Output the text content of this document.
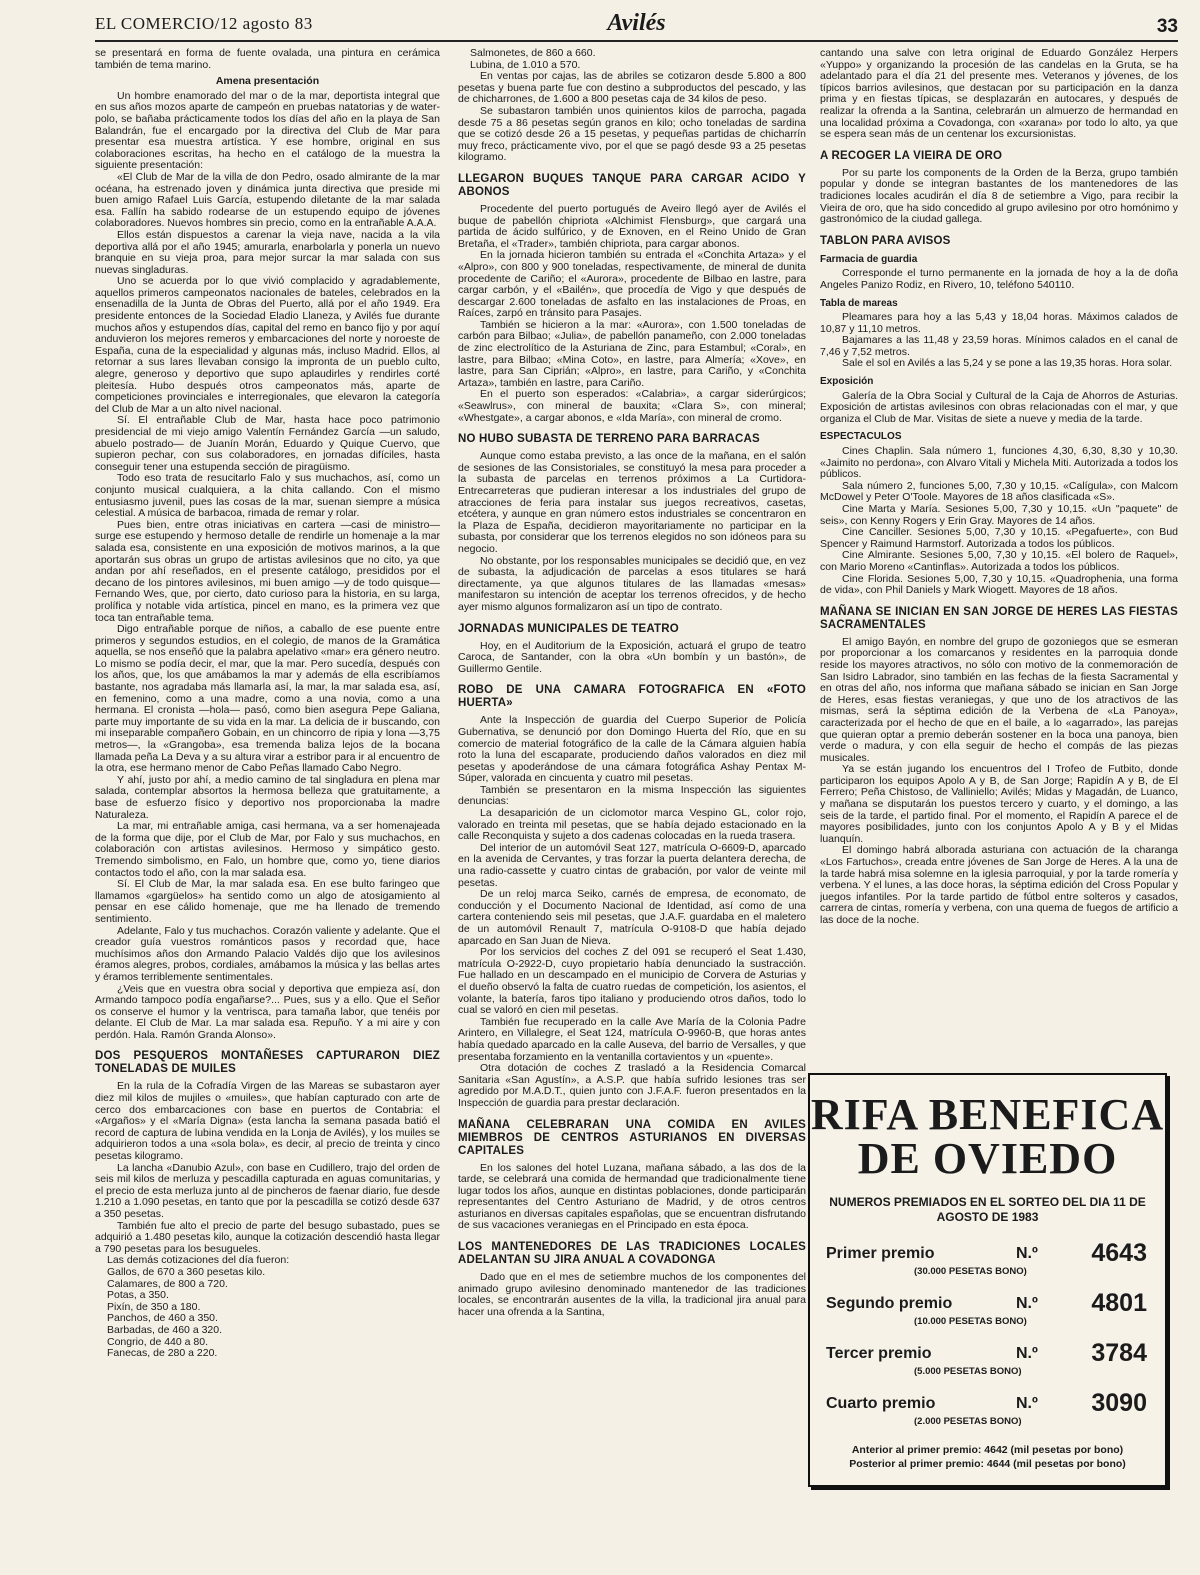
EL COMERCIO/12 agosto 83	Avilés	33

se presentará en forma de fuente ovalada, una pintura en cerámica también de tema marino.

Amena presentación

Un hombre enamorado del mar o de la mar, deportista integral que en sus años mozos aparte de campeón en pruebas natatorias y de water-polo, se bañaba prácticamente todos los días del año en la playa de San Balandrán, fue el encargado por la directiva del Club de Mar para presentar esa muestra artística. Y ese hombre, original en sus colaboraciones escritas, ha hecho en el catálogo de la muestra la siguiente presentación:

«El Club de Mar de la villa de don Pedro, osado almirante de la mar océana, ha estrenado joven y dinámica junta directiva que preside mi buen amigo Rafael Luis García, estupendo diletante de la mar salada esa. Fallín ha sabido rodearse de un estupendo equipo de jóvenes colaboradores. Nuevos hombres sin precio, como en la entrañable A.A.A.

Ellos están dispuestos a carenar la vieja nave, nacida a la vila deportiva allá por el año 1945; amurarla, enarbolarla y ponerla un nuevo branquie en su vieja proa, para mejor surcar la mar salada con sus nuevas singladuras.

Uno se acuerda por lo que vivió complacido y agradablemente, aquellos primeros campeonatos nacionales de bateles, celebrados en la ensenadilla de la Junta de Obras del Puerto, allá por el año 1949. Era presidente entonces de la Sociedad Eladio Llaneza, y Avilés fue durante muchos años y estupendos días, capital del remo en banco fijo y por aquí anduvieron los mejores remeros y embarcaciones del norte y noroeste de España, cuna de la especialidad y algunas más, incluso Madrid. Ellos, al retornar a sus lares llevaban consigo la impronta de un pueblo culto, alegre, generoso y deportivo que supo aplaudirles y rendirles corté pleitesía. Hubo después otros campeonatos más, aparte de competiciones provinciales e interregionales, que elevaron la categoría del Club de Mar a un alto nivel nacional.

Sí. El entrañable Club de Mar, hasta hace poco patrimonio presidencial de mi viejo amigo Valentín Fernández García —un saludo, abuelo postrado— de Juanín Morán, Eduardo y Quique Cuervo, que supieron pechar, con sus colaboradores, en jornadas difíciles, hasta conseguir tener una estupenda sección de piragüismo.

Todo eso trata de resucitarlo Falo y sus muchachos, así, como un conjunto musical cualquiera, a la chita callando. Con el mismo entusiasmo juvenil, pues las cosas de la mar, suenan siempre a música celestial. A música de barbacoa, rimada de remar y rolar.

Pues bien, entre otras iniciativas en cartera —casi de ministro— surge ese estupendo y hermoso detalle de rendirle un homenaje a la mar salada esa, consistente en una exposición de motivos marinos, a la que aportarán sus obras un grupo de artistas avilesinos que no cito, ya que andan por ahí reseñados, en el presente catálogo, presididos por el decano de los pintores avilesinos, mi buen amigo —y de todo quisque— Fernando Wes, que, por cierto, dato curioso para la historia, en su larga, prolífica y notable vida artística, pincel en mano, es la primera vez que toca tan entrañable tema.

Digo entrañable porque de niños, a caballo de ese puente entre primeros y segundos estudios, en el colegio, de manos de la Gramática aquella, se nos enseñó que la palabra apelativo «mar» era género neutro. Lo mismo se podía decir, el mar, que la mar. Pero sucedía, después con los años, que, los que amábamos la mar y además de ella escribíamos bastante, nos agradaba más llamarla así, la mar, la mar salada esa, así, en femenino, como a una madre, como a una novia, como a una hermana. El cronista —hola— pasó, como bien asegura Pepe Galiana, parte muy importante de su vida en la mar. La delicia de ir buscando, con mi inseparable compañero Gobain, en un chincorro de ripia y lona —3,75 metros—, la «Grangoba», esa tremenda baliza lejos de la bocana llamada peña La Deva y a su altura virar a estribor para ir al encuentro de la otra, ese hermano menor de Cabo Peñas llamado Cabo Negro.

Y ahí, justo por ahí, a medio camino de tal singladura en plena mar salada, contemplar absortos la hermosa belleza que gratuitamente, a base de esfuerzo físico y deportivo nos proporcionaba la madre Naturaleza.

La mar, mi entrañable amiga, casi hermana, va a ser homenajeada de la forma que dije, por el Club de Mar, por Falo y sus muchachos, en colaboración con artistas avilesinos. Hermoso y simpático gesto. Tremendo simbolismo, en Falo, un hombre que, como yo, tiene diarios contactos todo el año, con la mar salada esa.

Sí. El Club de Mar, la mar salada esa. En ese bulto faringeo que llamamos «gargüelos» ha sentido como un algo de atosigamiento al pensar en ese cálido homenaje, que me ha llenado de tremendo sentimiento.

Adelante, Falo y tus muchachos. Corazón valiente y adelante. Que el creador guía vuestros románticos pasos y recordad que, hace muchísimos años don Armando Palacio Valdés dijo que los avilesinos éramos alegres, probos, cordiales, amábamos la música y las bellas artes y éramos terriblemente sentimentales.

¿Veis que en vuestra obra social y deportiva que empieza así, don Armando tampoco podía engañarse?... Pues, sus y a ello. Que el Señor os conserve el humor y la ventrisca, para tamaña labor, que tenéis por delante. El Club de Mar. La mar salada esa. Repuño. Y a mi aire y con perdón. Hala. Ramón Granda Alonso».

DOS PESQUEROS MONTAÑESES CAPTURARON DIEZ TONELADAS DE MUILES

En la rula de la Cofradía Virgen de las Mareas se subastaron ayer diez mil kilos de mujiles o «muiles», que habían capturado con arte de cerco dos embarcaciones con base en puertos de Contabria: el «Argaños» y el «María Digna» (esta lancha la semana pasada batió el record de captura de lubina vendida en la Lonja de Avilés), y los muiles se adquirieron todos a una «sola bola», es decir, al precio de treinta y cinco pesetas kilogramo.

La lancha «Danubio Azul», con base en Cudillero, trajo del orden de seis mil kilos de merluza y pescadilla capturada en aguas comunitarias, y el precio de esta merluza junto al de pincheros de faenar diario, fue desde 1.210 a 1.090 pesetas, en tanto que por la pescadilla se cotizó desde 637 a 350 pesetas.

También fue alto el precio de parte del besugo subastado, pues se adquirió a 1.480 pesetas kilo, aunque la cotización descendió hasta llegar a 790 pesetas para los besugueles.

Las demás cotizaciones del día fueron:

Gallos, de 670 a 360 pesetas kilo.

Calamares, de 800 a 720.

Potas, a 350.

Pixín, de 350 a 180.

Panchos, de 460 a 350.

Barbadas, de 460 a 320.

Congrio, de 440 a 80.

Fanecas, de 280 a 220.

Salmonetes, de 860 a 660.

Lubina, de 1.010 a 570.

En ventas por cajas, las de abriles se cotizaron desde 5.800 a 800 pesetas y buena parte fue con destino a subproductos del pescado, y las de chicharrones, de 1.600 a 800 pesetas caja de 34 kilos de peso.

Se subastaron también unos quinientos kilos de parrocha, pagada desde 75 a 86 pesetas según granos en kilo; ocho toneladas de sardina que se cotizó desde 26 a 15 pesetas, y pequeñas partidas de chicharrín muy freco, prácticamente vivo, por el que se pagó desde 93 a 25 pesetas kilogramo.

LLEGARON BUQUES TANQUE PARA CARGAR ACIDO Y ABONOS

Procedente del puerto portugués de Aveiro llegó ayer de Avilés el buque de pabellón chipriota «Alchimist Flensburg», que cargará una partida de ácido sulfúrico, y de Exnoven, en el Reino Unido de Gran Bretaña, el «Trader», también chipriota, para cargar abonos.

En la jornada hicieron también su entrada el «Conchita Artaza» y el «Alpro», con 800 y 900 toneladas, respectivamente, de mineral de dunita procedente de Cariño; el «Aurora», procedente de Bilbao en lastre, para cargar carbón, y el «Bailén», que procedía de Vigo y que después de descargar 2.600 toneladas de asfalto en las instalaciones de Proas, en Raíces, zarpó en tránsito para Pasajes.

También se hicieron a la mar: «Aurora», con 1.500 toneladas de carbón para Bilbao; «Julia», de pabellón panameño, con 2.000 toneladas de zinc electrolítico de la Asturiana de Zinc, para Estambul; «Coral», en lastre, para Bilbao; «Mina Coto», en lastre, para Almería; «Xove», en lastre, para San Ciprián; «Alpro», en lastre, para Cariño, y «Conchita Artaza», también en lastre, para Cariño.

En el puerto son esperados: «Calabria», a cargar siderúrgicos; «Seawlrus», con mineral de bauxita; «Clara S», con mineral; «Whestgate», a cargar abonos, e «Ida María», con mineral de cromo.

NO HUBO SUBASTA DE TERRENO PARA BARRACAS

Aunque como estaba previsto, a las once de la mañana, en el salón de sesiones de las Consistoriales, se constituyó la mesa para proceder a la subasta de parcelas en terrenos próximos a La Curtidora-Entrecarreteras que pudieran interesar a los industriales del grupo de atracciones de feria para instalar sus juegos recreativos, casetas, etcétera, y aunque en gran número estos industriales se concentraron en la Plaza de España, decidieron mayoritariamente no participar en la subasta, por considerar que los terrenos elegidos no son idóneos para su negocio.

No obstante, por los responsables municipales se decidió que, en vez de subasta, la adjudicación de parcelas a esos titulares se hará directamente, ya que algunos titulares de las llamadas «mesas» manifestaron su intención de aceptar los terrenos ofrecidos, y de hecho ayer mismo algunos formalizaron así un tipo de contrato.

JORNADAS MUNICIPALES DE TEATRO

Hoy, en el Auditorium de la Exposición, actuará el grupo de teatro Caroca, de Santander, con la obra «Un bombín y un bastón», de Guillermo Gentile.

ROBO DE UNA CAMARA FOTOGRAFICA EN «FOTO HUERTA»

Ante la Inspección de guardia del Cuerpo Superior de Policía Gubernativa, se denunció por don Domingo Huerta del Río, que en su comercio de material fotográfico de la calle de la Cámara alguien había roto la luna del escaparate, produciendo daños valorados en diez mil pesetas y apoderándose de una cámara fotográfica Ashay Pentax M-Súper, valorada en cincuenta y cuatro mil pesetas.

También se presentaron en la misma Inspección las siguientes denuncias:

La desaparición de un ciclomotor marca Vespino GL, color rojo, valorado en treinta mil pesetas, que se había dejado estacionado en la calle Reconquista y sujeto a dos cadenas colocadas en la rueda trasera.

Del interior de un automóvil Seat 127, matrícula O-6609-D, aparcado en la avenida de Cervantes, y tras forzar la puerta delantera derecha, de una radio-cassette y cuatro cintas de grabación, por valor de veinte mil pesetas.

De un reloj marca Seiko, carnés de empresa, de economato, de conducción y el Documento Nacional de Identidad, así como de una cartera conteniendo seis mil pesetas, que J.A.F. guardaba en el maletero de un automóvil Renault 7, matrícula O-9108-D que había dejado aparcado en San Juan de Nieva.

Por los servicios del coches Z del 091 se recuperó el Seat 1.430, matrícula O-2922-D, cuyo propietario había denunciado la sustracción. Fue hallado en un descampado en el municipio de Corvera de Asturias y el dueño observó la falta de cuatro ruedas de competición, los asientos, el volante, la batería, faros tipo italiano y produciendo otros daños, todo lo cual se valoró en cien mil pesetas.

También fue recuperado en la calle Ave María de la Colonia Padre Arintero, en Villalegre, el Seat 124, matrícula O-9960-B, que horas antes había quedado aparcado en la calle Auseva, del barrio de Versalles, y que presentaba forzamiento en la ventanilla cortavientos y un «puente».

Otra dotación de coches Z trasladó a la Residencia Comarcal Sanitaria «San Agustín», a A.S.P. que había sufrido lesiones tras ser agredido por M.A.D.T., quien junto con J.F.A.F. fueron presentados en la Inspección de guardia para prestar declaración.

MAÑANA CELEBRARAN UNA COMIDA EN AVILES MIEMBROS DE CENTROS ASTURIANOS EN DIVERSAS CAPITALES

En los salones del hotel Luzana, mañana sábado, a las dos de la tarde, se celebrará una comida de hermandad que tradicionalmente tiene lugar todos los años, aunque en distintas poblaciones, donde participarán representantes del Centro Asturiano de Madrid, y de otros centros asturianos en diversas capitales españolas, que se encuentran disfrutando de sus vacaciones veraniegas en el Principado en esta época.

LOS MANTENEDORES DE LAS TRADICIONES LOCALES ADELANTAN SU JIRA ANUAL A COVADONGA

Dado que en el mes de setiembre muchos de los componentes del animado grupo avilesino denominado mantenedor de las tradiciones locales, se encontrarán ausentes de la villa, la tradicional jira anual para hacer una ofrenda a la Santina,

cantando una salve con letra original de Eduardo González Herpers «Yuppo» y organizando la procesión de las candelas en la Gruta, se ha adelantado para el día 21 del presente mes. Veteranos y jóvenes, de los típicos barrios avilesinos, que destacan por su participación en la danza prima y en fiestas típicas, se desplazarán en autocares, y después de realizar la ofrenda a la Santina, celebrarán un almuerzo de hermandad en una localidad próxima a Covadonga, con «xarana» por todo lo alto, ya que se espera sean más de un centenar los excursionistas.

A RECOGER LA VIEIRA DE ORO

Por su parte los components de la Orden de la Berza, grupo también popular y donde se integran bastantes de los mantenedores de las tradiciones locales acudirán el día 8 de setiembre a Vigo, para recibir la Vieira de oro, que ha sido concedido al grupo avilesino por otro homónimo y gastronómico de la ciudad gallega.

TABLON PARA AVISOS
Farmacia de guardia

Corresponde el turno permanente en la jornada de hoy a la de doña Angeles Panizo Rodiz, en Rivero, 10, teléfono 540110.

Tabla de mareas

Pleamares para hoy a las 5,43 y 18,04 horas. Máximos calados de 10,87 y 11,10 metros.

Bajamares a las 11,48 y 23,59 horas. Mínimos calados en el canal de 7,46 y 7,52 metros.

Sale el sol en Avilés a las 5,24 y se pone a las 19,35 horas. Hora solar.

Exposición

Galería de la Obra Social y Cultural de la Caja de Ahorros de Asturias. Exposición de artistas avilesinos con obras relacionadas con el mar, y que organiza el Club de Mar. Visitas de siete a nueve y media de la tarde.

ESPECTACULOS

Cines Chaplin. Sala número 1, funciones 4,30, 6,30, 8,30 y 10,30. «Jaimito no perdona», con Alvaro Vitali y Michela Miti. Autorizada a todos los públicos.

Sala número 2, funciones 5,00, 7,30 y 10,15. «Calígula», con Malcom McDowel y Peter O'Toole. Mayores de 18 años clasificada «S».

Cine Marta y María. Sesiones 5,00, 7,30 y 10,15. «Un "paquete" de seis», con Kenny Rogers y Erin Gray. Mayores de 14 años.

Cine Canciller. Sesiones 5,00, 7,30 y 10,15. «Pegafuerte», con Bud Spencer y Raimund Harmstorf. Autorizada a todos los públicos.

Cine Almirante. Sesiones 5,00, 7,30 y 10,15. «El bolero de Raquel», con Mario Moreno «Cantinflas». Autorizada a todos los públicos.

Cine Florida. Sesiones 5,00, 7,30 y 10,15. «Quadrophenia, una forma de vida», con Phil Daniels y Mark Wiogett. Mayores de 18 años.

MAÑANA SE INICIAN EN SAN JORGE DE HERES LAS FIESTAS SACRAMENTALES

El amigo Bayón, en nombre del grupo de gozoniegos que se esmeran por proporcionar a los comarcanos y residentes en la parroquia donde reside los mayores atractivos, no sólo con motivo de la conmemoración de San Isidro Labrador, sino también en las fechas de la fiesta Sacramental y en otras del año, nos informa que mañana sábado se inician en San Jorge de Heres, esas fiestas veraniegas, y que uno de los atractivos de las mismas, será la séptima edición de la Verbena de «La Panoya», caracterizada por el hecho de que en el baile, a lo «agarrado», las parejas que quieran optar a premio deberán sostener en la boca una panoya, bien verde o madura, y con ella seguir de hecho el compás de las piezas musicales.

Ya se están jugando los encuentros del I Trofeo de Futbito, donde participaron los equipos Apolo A y B, de San Jorge; Rapidín A y B, de El Ferrero; Peña Chistoso, de Valliniello; Avilés; Midas y Magadán, de Luanco, y mañana se disputarán los puestos tercero y cuarto, y el domingo, a las seis de la tarde, el partido final. Por el momento, el Rapidín A parece el de mayores posibilidades, junto con los conjuntos Apolo A y B y el Midas luanquín.

El domingo habrá alborada asturiana con actuación de la charanga «Los Fartuchos», creada entre jóvenes de San Jorge de Heres. A la una de la tarde habrá misa solemne en la iglesia parroquial, y por la tarde romería y verbena. Y el lunes, a las doce horas, la séptima edición del Cross Popular y juegos infantiles. Por la tarde partido de fútbol entre solteros y casados, carrera de cintas, romería y verbena, con una quema de fuegos de artificio a las doce de la noche.

RIFA BENEFICA DE OVIEDO
NUMEROS PREMIADOS EN EL SORTEO DEL DIA 11 DE AGOSTO DE 1983
Primer premio	N.º 4643
(30.000 PESETAS BONO)
Segundo premio	N.º 4801
(10.000 PESETAS BONO)
Tercer premio	N.º 3784
(5.000 PESETAS BONO)
Cuarto premio	N.º 3090
(2.000 PESETAS BONO)
Anterior al primer premio: 4642 (mil pesetas por bono)
Posterior al primer premio: 4644 (mil pesetas por bono)
